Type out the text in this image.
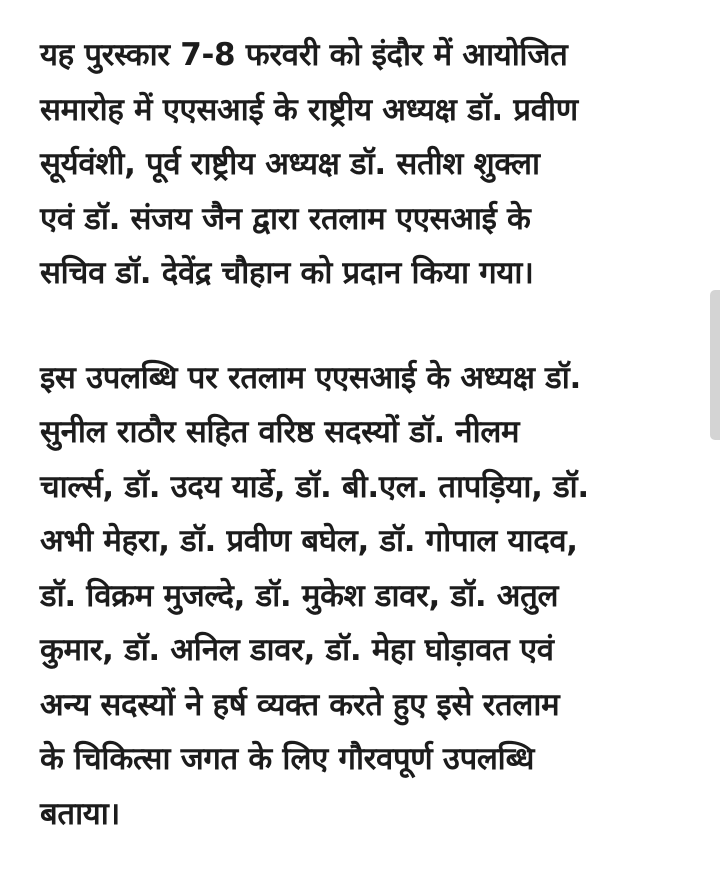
यह पुरस्कार 7-8 फरवरी को इंदौर में आयोजित
समारोह में एएसआई के राष्ट्रीय अध्यक्ष डॉ. प्रवीण
सूर्यवंशी, पूर्व राष्ट्रीय अध्यक्ष डॉ. सतीश शुक्ला
एवं डॉ. संजय जैन द्वारा रतलाम एएसआई के
सचिव डॉ. देवेंद्र चौहान को प्रदान किया गया।
इस उपलब्धि पर रतलाम एएसआई के अध्यक्ष डॉ.
सुनील राठौर सहित वरिष्ठ सदस्यों डॉ. नीलम
चार्ल्स, डॉ. उदय यार्डे, डॉ. बी.एल. तापड़िया, डॉ.
अभी मेहरा, डॉ. प्रवीण बघेल, डॉ. गोपाल यादव,
डॉ. विक्रम मुजल्दे, डॉ. मुकेश डावर, डॉ. अतुल
कुमार, डॉ. अनिल डावर, डॉ. मेहा घोड़ावत एवं
अन्य सदस्यों ने हर्ष व्यक्त करते हुए इसे रतलाम
के चिकित्सा जगत के लिए गौरवपूर्ण उपलब्धि
बताया।
